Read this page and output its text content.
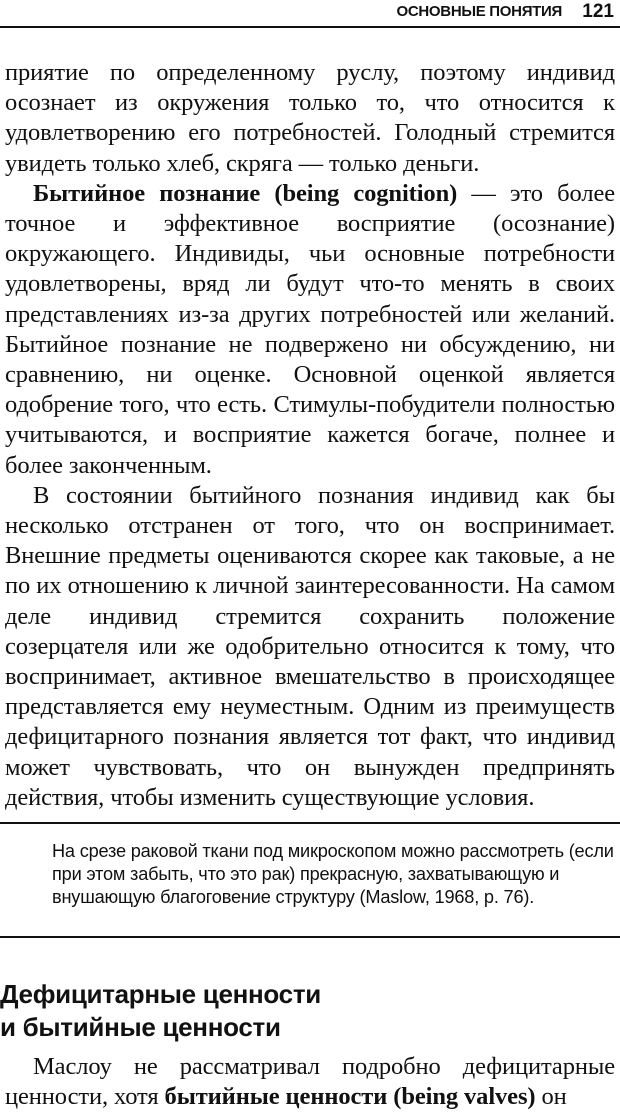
ОСНОВНЫЕ ПОНЯТИЯ 121

приятие по определенному руслу, поэтому индивид осознает из окружения только то, что относится к удовлетворению его потребностей. Голодный стремится увидеть только хлеб, скряга — только деньги.

Бытийное познание (being cognition) — это более точное и эффективное восприятие (осознание) окружающего. Индивиды, чьи основные потребности удовлетворены, вряд ли будут что-то менять в своих представлениях из-за других потребностей или желаний. Бытийное познание не подвержено ни обсуждению, ни сравнению, ни оценке. Основной оценкой является одобрение того, что есть. Стимулы-побудители полностью учитываются, и восприятие кажется богаче, полнее и более законченным.

В состоянии бытийного познания индивид как бы несколько отстранен от того, что он воспринимает. Внешние предметы оцениваются скорее как таковые, а не по их отношению к личной заинтересованности. На самом деле индивид стремится сохранить положение созерцателя или же одобрительно относится к тому, что воспринимает, активное вмешательство в происходящее представляется ему неуместным. Одним из преимуществ дефицитарного познания является тот факт, что индивид может чувствовать, что он вынужден предпринять действия, чтобы изменить существующие условия.

На срезе раковой ткани под микроскопом можно рассмотреть (если при этом забыть, что это рак) прекрасную, захватывающую и внушающую благоговение структуру (Maslow, 1968, p. 76).
Дефицитарные ценности
и бытийные ценности

Маслоу не рассматривал подробно дефицитарные ценности, хотя бытийные ценности (being valves) он
